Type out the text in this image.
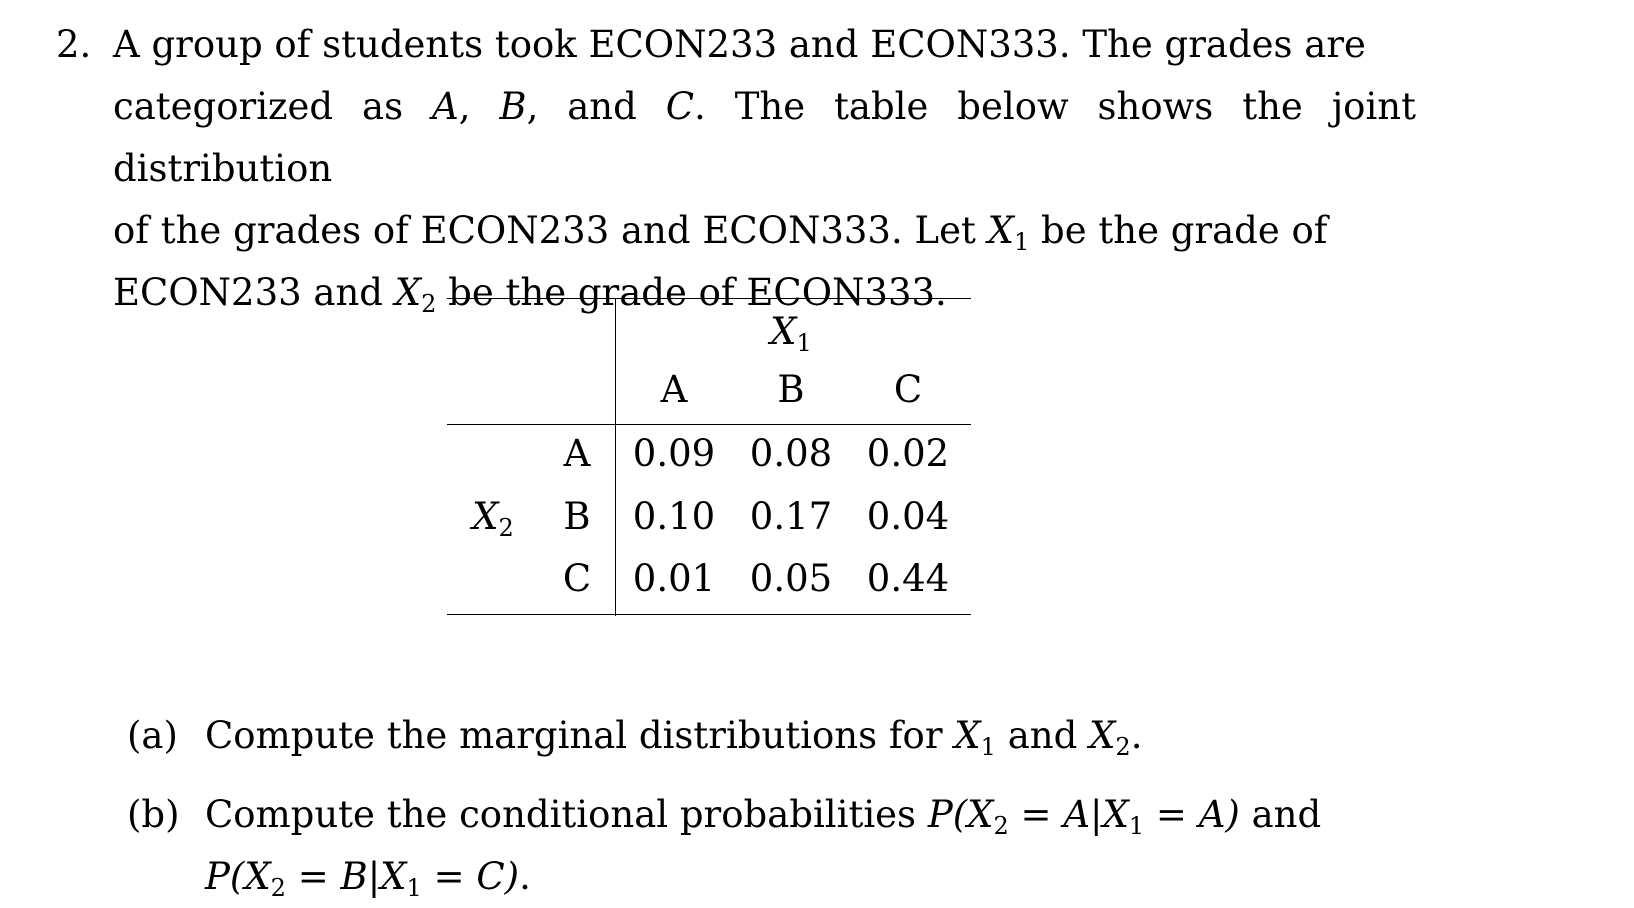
2. A group of students took ECON233 and ECON333. The grades are
categorized as A, B, and C. The table below shows the joint distribution
of the grades of ECON233 and ECON333. Let $X_1$ be the grade of
ECON233 and $X_2$ be the grade of ECON333.
$X_1$
A B C
$X_2$
A
B
C
0.09 0.08 0.02
0.10 0.17 0.04
0.01 0.05 0.44
(a) Compute the marginal distributions for $X_1$ and $X_2$.
(b) Compute the conditional probabilities $P(X_2 = A|X_1 = A)$ and
$P(X_2 = B|X_1 = C)$.
